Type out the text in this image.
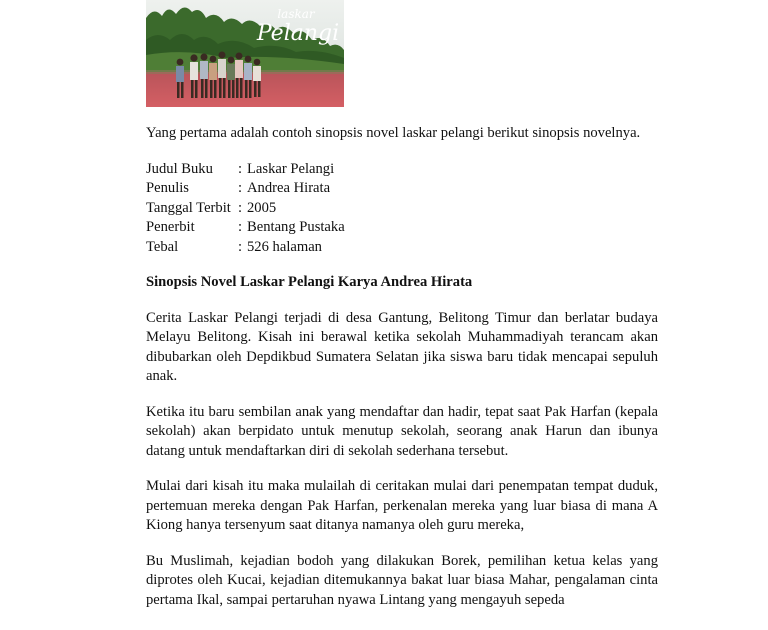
laskar
Pelangi

Yang pertama adalah contoh sinopsis novel laskar pelangi berikut sinopsis novelnya.

Judul Buku	: Laskar Pelangi
Penulis	: Andrea Hirata
Tanggal Terbit : 2005
Penerbit	: Bentang Pustaka
Tebal	: 526 halaman
Sinopsis Novel Laskar Pelangi Karya Andrea Hirata

Cerita Laskar Pelangi terjadi di desa Gantung, Belitong Timur dan berlatar budaya Melayu Belitong. Kisah ini berawal ketika sekolah Muhammadiyah terancam akan dibubarkan oleh Depdikbud Sumatera Selatan jika siswa baru tidak mencapai sepuluh anak.

Ketika itu baru sembilan anak yang mendaftar dan hadir, tepat saat Pak Harfan (kepala sekolah) akan berpidato untuk menutup sekolah, seorang anak Harun dan ibunya datang untuk mendaftarkan diri di sekolah sederhana tersebut.

Mulai dari kisah itu maka mulailah di ceritakan mulai dari penempatan tempat duduk, pertemuan mereka dengan Pak Harfan, perkenalan mereka yang luar biasa di mana A Kiong hanya tersenyum saat ditanya namanya oleh guru mereka,

Bu Muslimah, kejadian bodoh yang dilakukan Borek, pemilihan ketua kelas yang diprotes oleh Kucai, kejadian ditemukannya bakat luar biasa Mahar, pengalaman cinta pertama Ikal, sampai pertaruhan nyawa Lintang yang mengayuh sepeda
